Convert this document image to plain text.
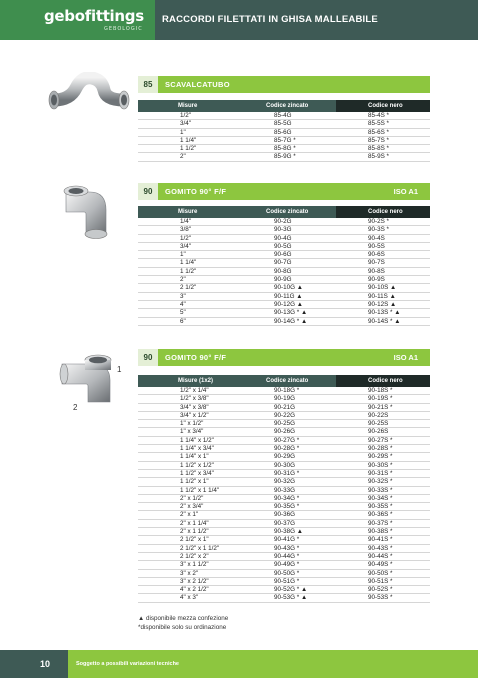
gebofittings
GEBOLOGIC
RACCORDI FILETTATI IN GHISA MALLEABILE
85	SCAVALCATUBO
Misure	Codice zincato	Codice nero
1/2"	85-4G	85-4S *
3/4"	85-5G	85-5S *
1"	85-6G	85-6S *
1 1/4"	85-7G *	85-7S *
1 1/2"	85-8G *	85-8S *
2"	85-9G *	85-9S *
90	GOMITO 90° F/F	ISO A1
Misure	Codice zincato	Codice nero
1/4"	90-2G	90-2S *
3/8"	90-3G	90-3S *
1/2"	90-4G	90-4S
3/4"	90-5G	90-5S
1"	90-6G	90-6S
1 1/4"	90-7G	90-7S
1 1/2"	90-8G	90-8S
2"	90-9G	90-9S
2 1/2"	90-10G ▲	90-10S ▲
3"	90-11G ▲	90-11S ▲
4"	90-12G ▲	90-12S ▲
5"	90-13G * ▲	90-13S * ▲
6"	90-14G * ▲	90-14S * ▲
1
2
90	GOMITO 90° F/F	ISO A1
Misure (1x2)	Codice zincato	Codice nero
1/2" x 1/4"	90-18G *	90-18S *
1/2" x 3/8"	90-19G	90-19S *
3/4" x 3/8"	90-21G	90-21S *
3/4" x 1/2"	90-22G	90-22S
1" x 1/2"	90-25G	90-25S
1" x 3/4"	90-26G	90-26S
1 1/4" x 1/2"	90-27G *	90-27S *
1 1/4" x 3/4"	90-28G *	90-28S *
1 1/4" x 1"	90-29G	90-29S *
1 1/2" x 1/2"	90-30G	90-30S *
1 1/2" x 3/4"	90-31G *	90-31S *
1 1/2" x 1"	90-32G	90-32S *
1 1/2" x 1 1/4"	90-33G	90-33S *
2" x 1/2"	90-34G *	90-34S *
2" x 3/4"	90-35G *	90-35S *
2" x 1"	90-36G	90-36S *
2" x 1 1/4"	90-37G	90-37S *
2" x 1 1/2"	90-38G ▲	90-38S *
2 1/2" x 1"	90-41G *	90-41S *
2 1/2" x 1 1/2"	90-43G *	90-43S *
2 1/2" x 2"	90-44G *	90-44S *
3" x 1 1/2"	90-49G *	90-49S *
3" x 2"	90-50G *	90-50S *
3" x 2 1/2"	90-51G *	90-51S *
4" x 2 1/2"	90-52G * ▲	90-52S *
4" x 3"	90-53G * ▲	90-53S *
▲ disponibile mezza confezione
*disponibile solo su ordinazione
10	Soggetto a possibili variazioni tecniche
